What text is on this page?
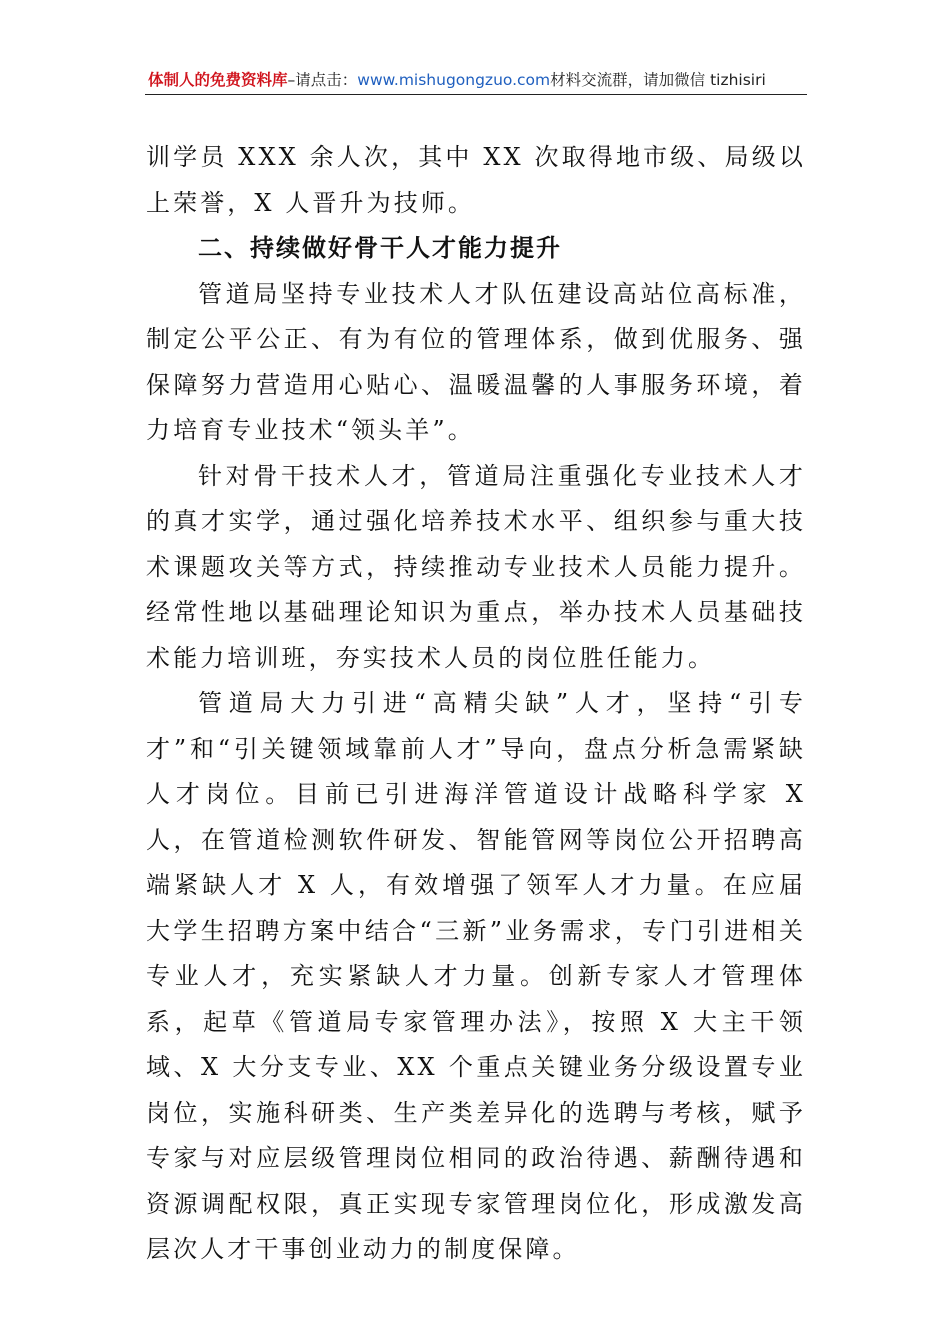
体制人的免费资料库–请点击：www.mishugongzuo.com材料交流群，请加微信 tizhisiri

训学员 XXX 余人次，其中 XX 次取得地市级、局级以上荣誉，X 人晋升为技师。

二、持续做好骨干人才能力提升

管道局坚持专业技术人才队伍建设高站位高标准，制定公平公正、有为有位的管理体系，做到优服务、强保障努力营造用心贴心、温暖温馨的人事服务环境，着力培育专业技术“领头羊”。

针对骨干技术人才，管道局注重强化专业技术人才的真才实学，通过强化培养技术水平、组织参与重大技术课题攻关等方式，持续推动专业技术人员能力提升。经常性地以基础理论知识为重点，举办技术人员基础技术能力培训班，夯实技术人员的岗位胜任能力。

管道局大力引进“高精尖缺”人才，坚持“引专才”和“引关键领域靠前人才”导向，盘点分析急需紧缺人才岗位。目前已引进海洋管道设计战略科学家 X 人，在管道检测软件研发、智能管网等岗位公开招聘高端紧缺人才 X 人，有效增强了领军人才力量。在应届大学生招聘方案中结合“三新”业务需求，专门引进相关专业人才，充实紧缺人才力量。创新专家人才管理体系，起草《管道局专家管理办法》，按照 X 大主干领域、X 大分支专业、XX 个重点关键业务分级设置专业岗位，实施科研类、生产类差异化的选聘与考核，赋予专家与对应层级管理岗位相同的政治待遇、薪酬待遇和资源调配权限，真正实现专家管理岗位化，形成激发高层次人才干事创业动力的制度保障。
